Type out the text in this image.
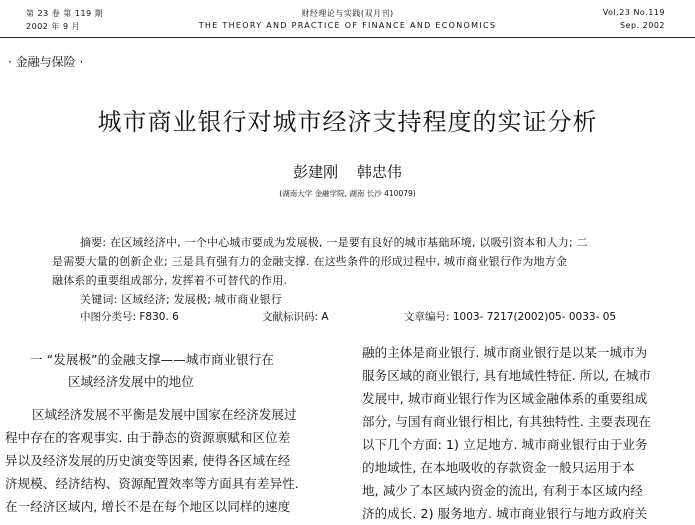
第 23 卷 第 119 期
2002 年 9 月
财经理论与实践(双月刊)
THE THEORY AND PRACTICE OF FINANCE AND ECONOMICS
Vol.23 No.119
Sep. 2002
· 金融与保险 ·
城市商业银行对城市经济支持程度的实证分析
彭建刚 韩忠伟
(湖南大学 金融学院, 湖南 长沙 410079)
摘要: 在区域经济中, 一个中心城市要成为发展极, 一是要有良好的城市基础环境, 以吸引资本和人力; 二
是需要大量的创新企业; 三是具有强有力的金融支撑. 在这些条件的形成过程中, 城市商业银行作为地方金
融体系的重要组成部分, 发挥着不可替代的作用.
关键词: 区域经济; 发展极; 城市商业银行
中图分类号: F830. 6	文献标识码: A	文章编号: 1003- 7217(2002)05- 0033- 05
一 “发展极”的金融支撑——城市商业银行在
区域经济发展中的地位
区域经济发展不平衡是发展中国家在经济发展过
程中存在的客观事实. 由于静态的资源禀赋和区位差
异以及经济发展的历史演变等因素, 使得各区域在经
济规模、经济结构、资源配置效率等方面具有差异性.
在一经济区域内, 增长不是在每个地区以同样的速度
融的主体是商业银行. 城市商业银行是以某一城市为
服务区域的商业银行, 具有地域性特征. 所以, 在城市
发展中, 城市商业银行作为区域金融体系的重要组成
部分, 与国有商业银行相比, 有其独特性. 主要表现在
以下几个方面: 1) 立足地方. 城市商业银行由于业务
的地域性, 在本地吸收的存款资金一般只运用于本
地, 减少了本区域内资金的流出, 有利于本区域内经
济的成长. 2) 服务地方. 城市商业银行与地方政府关
